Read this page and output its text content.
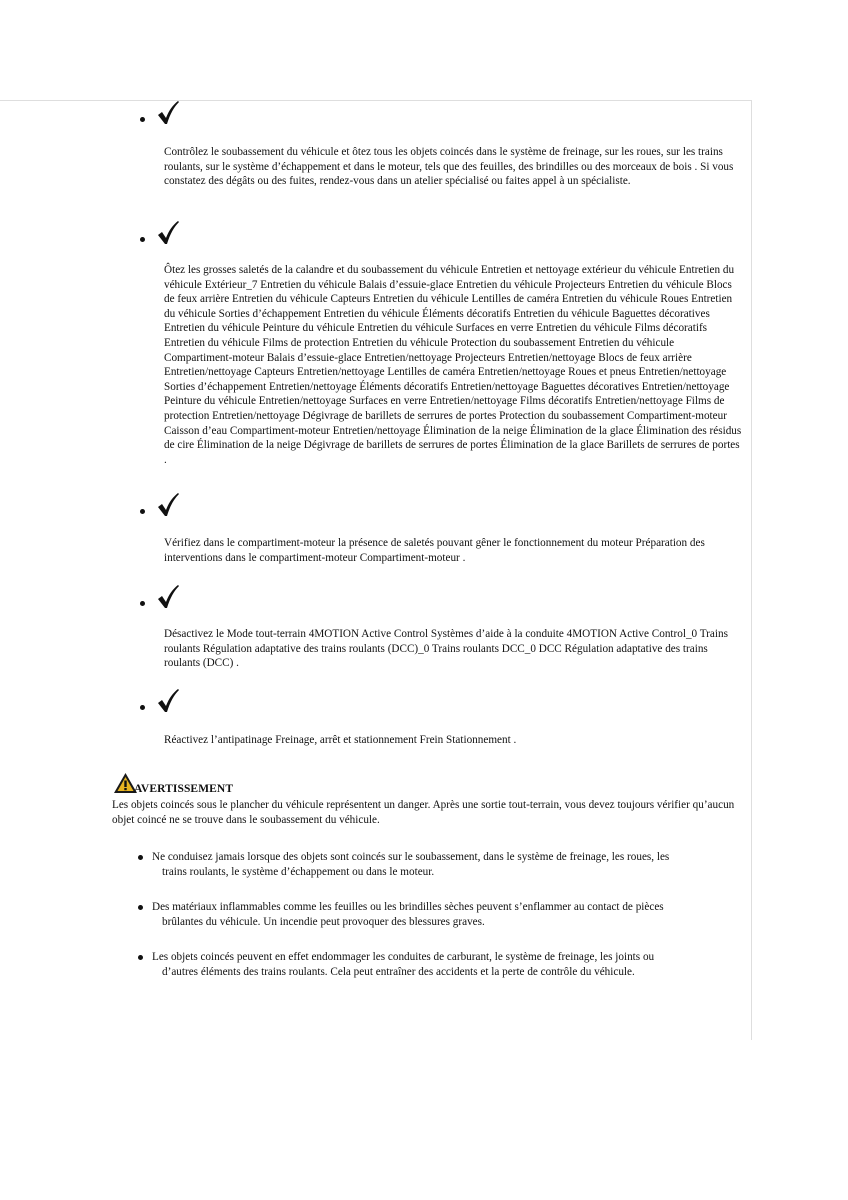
Contrôlez le soubassement du véhicule et ôtez tous les objets coincés dans le système de freinage, sur les roues, sur les trains roulants, sur le système d’échappement et dans le moteur, tels que des feuilles, des brindilles ou des morceaux de bois . Si vous constatez des dégâts ou des fuites, rendez-vous dans un atelier spécialisé ou faites appel à un spécialiste.
Ôtez les grosses saletés de la calandre et du soubassement du véhicule Entretien et nettoyage extérieur du véhicule Entretien du véhicule Extérieur_7 Entretien du véhicule Balais d’essuie-glace Entretien du véhicule Projecteurs Entretien du véhicule Blocs de feux arrière Entretien du véhicule Capteurs Entretien du véhicule Lentilles de caméra Entretien du véhicule Roues Entretien du véhicule Sorties d’échappement Entretien du véhicule Éléments décoratifs Entretien du véhicule Baguettes décoratives Entretien du véhicule Peinture du véhicule Entretien du véhicule Surfaces en verre Entretien du véhicule Films décoratifs Entretien du véhicule Films de protection Entretien du véhicule Protection du soubassement Entretien du véhicule Compartiment-moteur Balais d’essuie-glace Entretien/nettoyage Projecteurs Entretien/nettoyage Blocs de feux arrière Entretien/nettoyage Capteurs Entretien/nettoyage Lentilles de caméra Entretien/nettoyage Roues et pneus Entretien/nettoyage Sorties d’échappement Entretien/nettoyage Éléments décoratifs Entretien/nettoyage Baguettes décoratives Entretien/nettoyage Peinture du véhicule Entretien/nettoyage Surfaces en verre Entretien/nettoyage Films décoratifs Entretien/nettoyage Films de protection Entretien/nettoyage Dégivrage de barillets de serrures de portes Protection du soubassement Compartiment-moteur Caisson d’eau Compartiment-moteur Entretien/nettoyage Élimination de la neige Élimination de la glace Élimination des résidus de cire Élimination de la neige Dégivrage de barillets de serrures de portes Élimination de la glace Barillets de serrures de portes .
Vérifiez dans le compartiment-moteur la présence de saletés pouvant gêner le fonctionnement du moteur Préparation des interventions dans le compartiment-moteur Compartiment-moteur .
Désactivez le Mode tout-terrain 4MOTION Active Control Systèmes d’aide à la conduite 4MOTION Active Control_0 Trains roulants Régulation adaptative des trains roulants (DCC)_0 Trains roulants DCC_0 DCC Régulation adaptative des trains roulants (DCC) .
Réactivez l’antipatinage Freinage, arrêt et stationnement Frein Stationnement .
AVERTISSEMENT
Les objets coincés sous le plancher du véhicule représentent un danger. Après une sortie tout-terrain, vous devez toujours vérifier qu’aucun objet coincé ne se trouve dans le soubassement du véhicule.
Ne conduisez jamais lorsque des objets sont coincés sur le soubassement, dans le système de freinage, les roues, les
trains roulants, le système d’échappement ou dans le moteur.
Des matériaux inflammables comme les feuilles ou les brindilles sèches peuvent s’enflammer au contact de pièces
brûlantes du véhicule. Un incendie peut provoquer des blessures graves.
Les objets coincés peuvent en effet endommager les conduites de carburant, le système de freinage, les joints ou
d’autres éléments des trains roulants. Cela peut entraîner des accidents et la perte de contrôle du véhicule.
